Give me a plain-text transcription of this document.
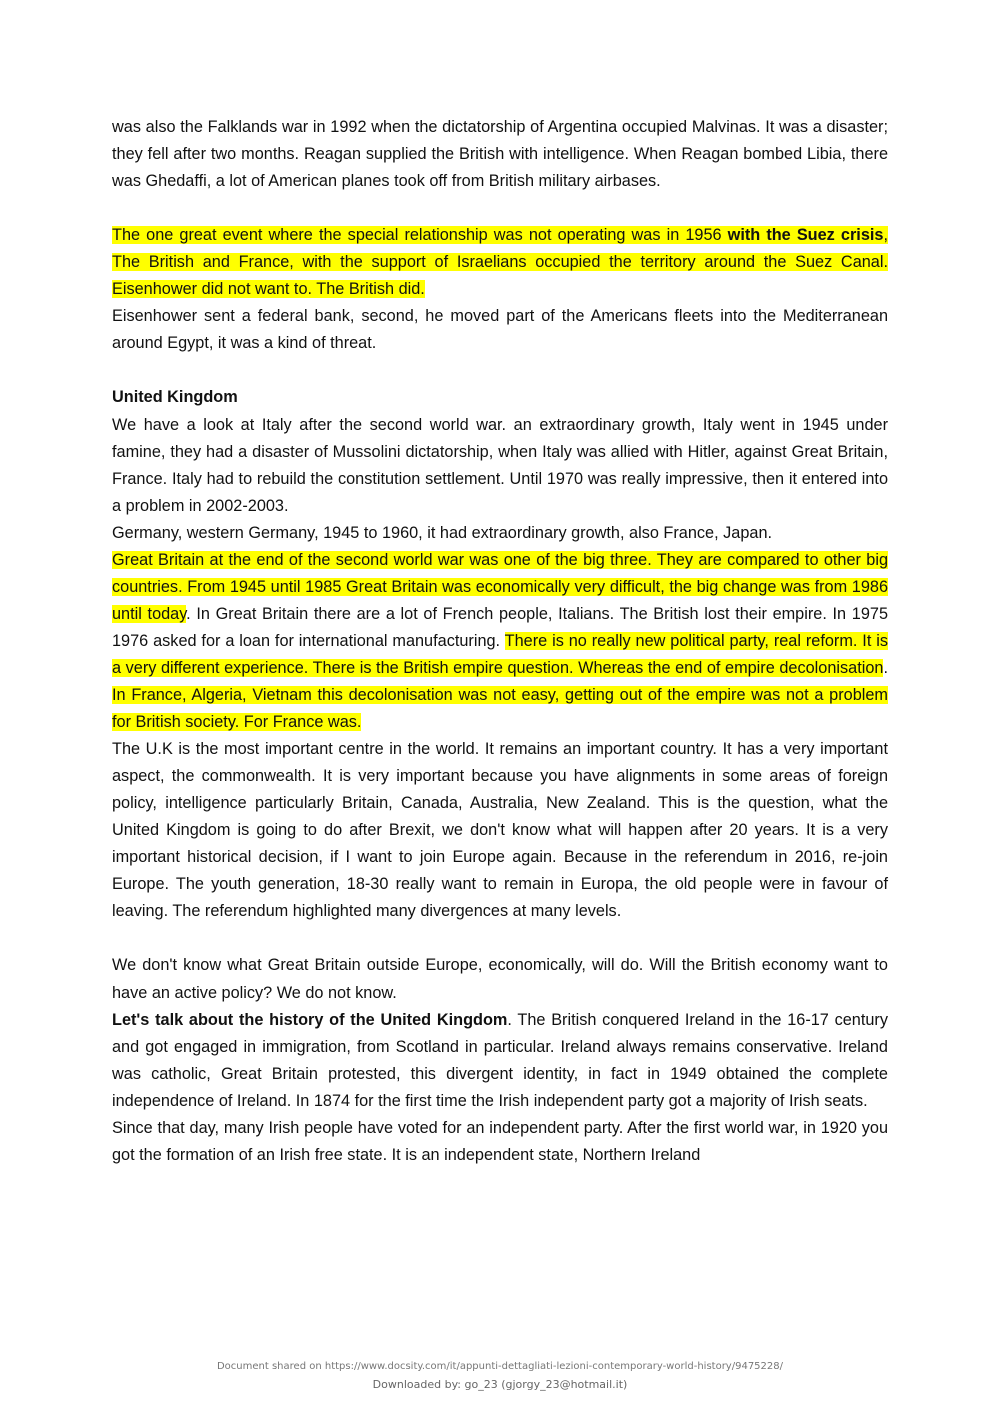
was also the Falklands war in 1992 when the dictatorship of Argentina occupied Malvinas. It was a disaster; they fell after two months. Reagan supplied the British with intelligence. When Reagan bombed Libia, there was Ghedaffi, a lot of American planes took off from British military airbases.

The one great event where the special relationship was not operating was in 1956 with the Suez crisis, The British and France, with the support of Israelians occupied the territory around the Suez Canal. Eisenhower did not want to. The British did.

Eisenhower sent a federal bank, second, he moved part of the Americans fleets into the Mediterranean around Egypt, it was a kind of threat.

United Kingdom

We have a look at Italy after the second world war. an extraordinary growth, Italy went in 1945 under famine, they had a disaster of Mussolini dictatorship, when Italy was allied with Hitler, against Great Britain, France. Italy had to rebuild the constitution settlement. Until 1970 was really impressive, then it entered into a problem in 2002-2003.

Germany, western Germany, 1945 to 1960, it had extraordinary growth, also France, Japan.

Great Britain at the end of the second world war was one of the big three. They are compared to other big countries. From 1945 until 1985 Great Britain was economically very difficult, the big change was from 1986 until today. In Great Britain there are a lot of French people, Italians. The British lost their empire. In 1975 1976 asked for a loan for international manufacturing. There is no really new political party, real reform. It is a very different experience. There is the British empire question. Whereas the end of empire decolonisation. In France, Algeria, Vietnam this decolonisation was not easy, getting out of the empire was not a problem for British society. For France was.

The U.K is the most important centre in the world. It remains an important country. It has a very important aspect, the commonwealth. It is very important because you have alignments in some areas of foreign policy, intelligence particularly Britain, Canada, Australia, New Zealand. This is the question, what the United Kingdom is going to do after Brexit, we don't know what will happen after 20 years. It is a very important historical decision, if I want to join Europe again. Because in the referendum in 2016, re-join Europe. The youth generation, 18-30 really want to remain in Europa, the old people were in favour of leaving. The referendum highlighted many divergences at many levels.

We don't know what Great Britain outside Europe, economically, will do. Will the British economy want to have an active policy? We do not know.

Let's talk about the history of the United Kingdom. The British conquered Ireland in the 16-17 century and got engaged in immigration, from Scotland in particular. Ireland always remains conservative. Ireland was catholic, Great Britain protested, this divergent identity, in fact in 1949 obtained the complete independence of Ireland. In 1874 for the first time the Irish independent party got a majority of Irish seats.

Since that day, many Irish people have voted for an independent party. After the first world war, in 1920 you got the formation of an Irish free state. It is an independent state, Northern Ireland

Document shared on https://www.docsity.com/it/appunti-dettagliati-lezioni-contemporary-world-history/9475228/
Downloaded by: go_23 (gjorgy_23@hotmail.it)
